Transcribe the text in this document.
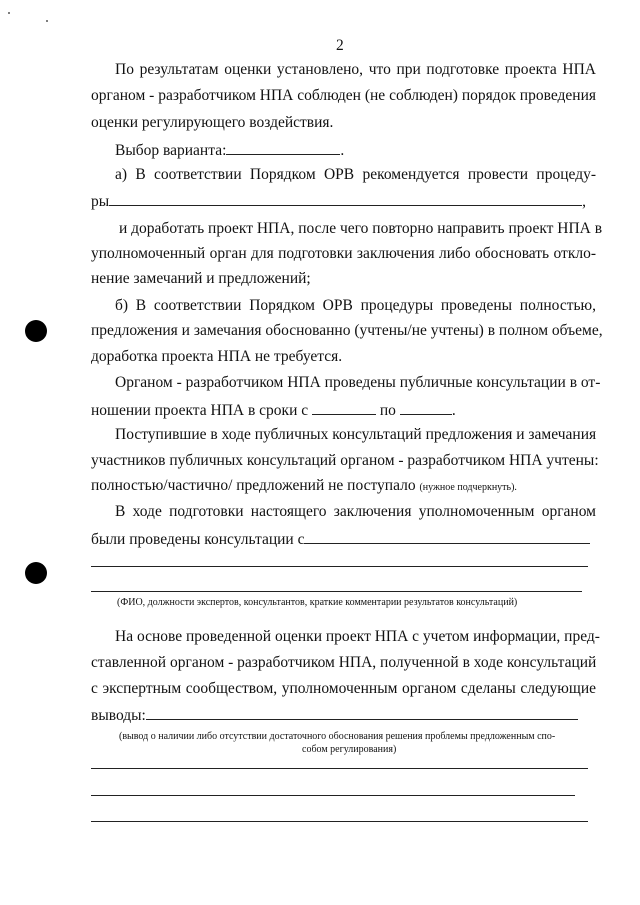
2
По результатам оценки установлено, что при подготовке проекта НПА
органом - разработчиком НПА соблюден (не соблюден) порядок проведения
оценки регулирующего воздействия.
Выбор варианта:	.
а) В соответствии Порядком ОРВ рекомендуется провести процеду-
ры	,
и доработать проект НПА, после чего повторно направить проект НПА в
уполномоченный орган для подготовки заключения либо обосновать откло-
нение замечаний и предложений;
б) В соответствии Порядком ОРВ процедуры проведены полностью,
предложения и замечания обоснованно (учтены/не учтены) в полном объеме,
доработка проекта НПА не требуется.
Органом - разработчиком НПА проведены публичные консультации в от-
ношении проекта НПА в сроки с	по	.
Поступившие в ходе публичных консультаций предложения и замечания
участников публичных консультаций органом - разработчиком НПА учтены:
полностью/частично/ предложений не поступало (нужное подчеркнуть).
В ходе подготовки настоящего заключения уполномоченным органом
были проведены консультации с
(ФИО, должности экспертов, консультантов, краткие комментарии результатов консультаций)
На основе проведенной оценки проект НПА с учетом информации, пред-
ставленной органом - разработчиком НПА, полученной в ходе консультаций
с экспертным сообществом, уполномоченным органом сделаны следующие
выводы:
(вывод о наличии либо отсутствии достаточного обоснования решения проблемы предложенным спо-
собом регулирования)
